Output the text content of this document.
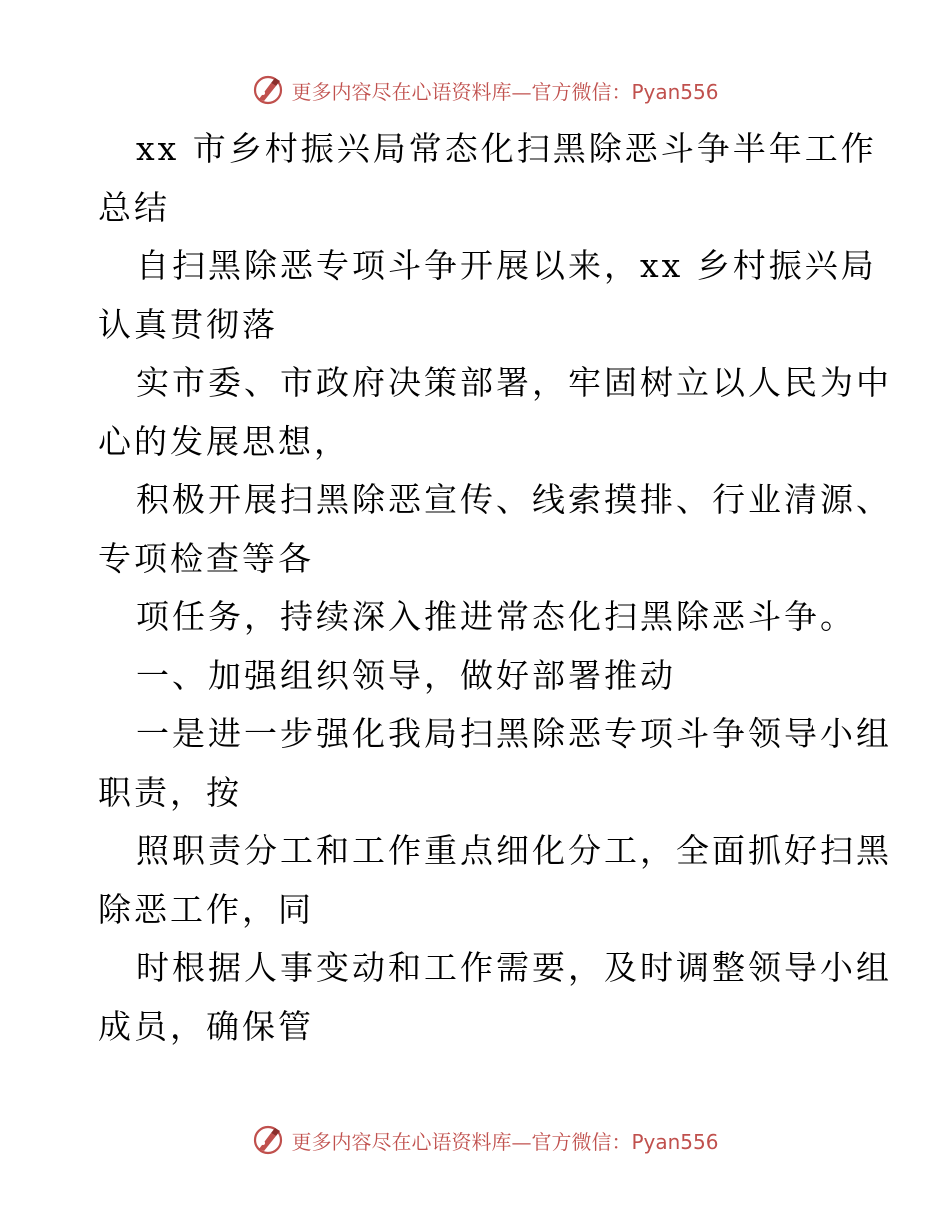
更多内容尽在心语资料库—官方微信：Pyan556
xx 市乡村振兴局常态化扫黑除恶斗争半年工作
总结
自扫黑除恶专项斗争开展以来，xx 乡村振兴局
认真贯彻落
实市委、市政府决策部署，牢固树立以人民为中
心的发展思想，
积极开展扫黑除恶宣传、线索摸排、行业清源、
专项检查等各
项任务，持续深入推进常态化扫黑除恶斗争。
一、加强组织领导，做好部署推动
一是进一步强化我局扫黑除恶专项斗争领导小组
职责，按
照职责分工和工作重点细化分工，全面抓好扫黑
除恶工作，同
时根据人事变动和工作需要，及时调整领导小组
成员，确保管
更多内容尽在心语资料库—官方微信：Pyan556
